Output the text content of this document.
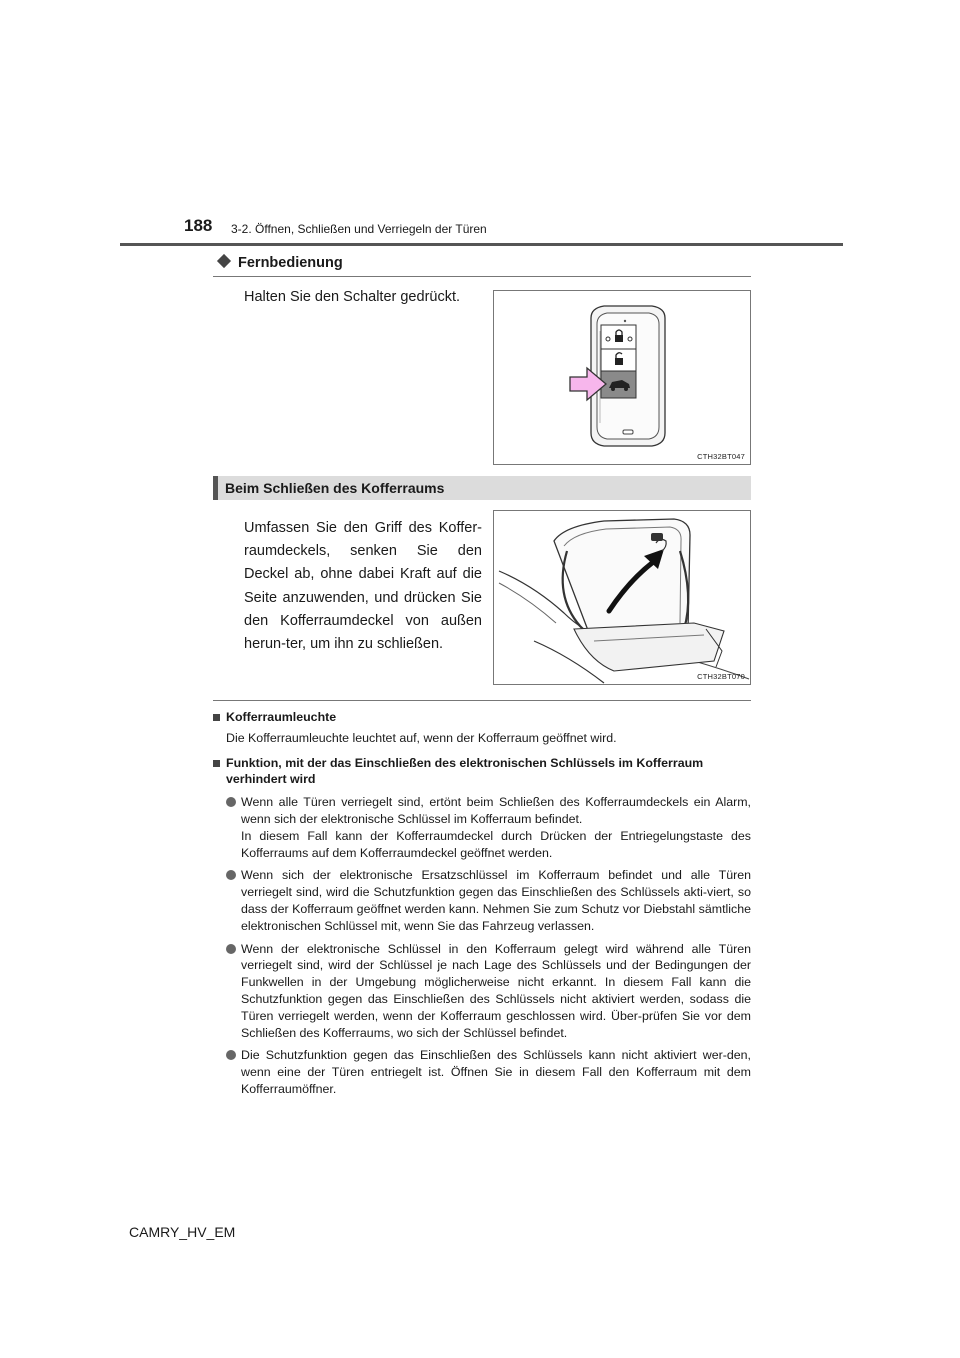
188 3-2. Öffnen, Schließen und Verriegeln der Türen
Fernbedienung
Halten Sie den Schalter gedrückt.
CTH32BT047
Beim Schließen des Kofferraums
Umfassen Sie den Griff des Koffer-raumdeckels, senken Sie den Deckel ab, ohne dabei Kraft auf die Seite anzuwenden, und drücken Sie den Kofferraumdeckel von außen herun-ter, um ihn zu schließen.
CTH32BT070
Kofferraumleuchte
Die Kofferraumleuchte leuchtet auf, wenn der Kofferraum geöffnet wird.
Funktion, mit der das Einschließen des elektronischen Schlüssels im Kofferraum verhindert wird
Wenn alle Türen verriegelt sind, ertönt beim Schließen des Kofferraumdeckels ein Alarm, wenn sich der elektronische Schlüssel im Kofferraum befindet.
In diesem Fall kann der Kofferraumdeckel durch Drücken der Entriegelungstaste des Kofferraums auf dem Kofferraumdeckel geöffnet werden.
Wenn sich der elektronische Ersatzschlüssel im Kofferraum befindet und alle Türen verriegelt sind, wird die Schutzfunktion gegen das Einschließen des Schlüssels akti-viert, so dass der Kofferraum geöffnet werden kann. Nehmen Sie zum Schutz vor Diebstahl sämtliche elektronischen Schlüssel mit, wenn Sie das Fahrzeug verlassen.
Wenn der elektronische Schlüssel in den Kofferraum gelegt wird während alle Türen verriegelt sind, wird der Schlüssel je nach Lage des Schlüssels und der Bedingungen der Funkwellen in der Umgebung möglicherweise nicht erkannt. In diesem Fall kann die Schutzfunktion gegen das Einschließen des Schlüssels nicht aktiviert werden, sodass die Türen verriegelt werden, wenn der Kofferraum geschlossen wird. Über-prüfen Sie vor dem Schließen des Kofferraums, wo sich der Schlüssel befindet.
Die Schutzfunktion gegen das Einschließen des Schlüssels kann nicht aktiviert wer-den, wenn eine der Türen entriegelt ist. Öffnen Sie in diesem Fall den Kofferraum mit dem Kofferraumöffner.
CAMRY_HV_EM
